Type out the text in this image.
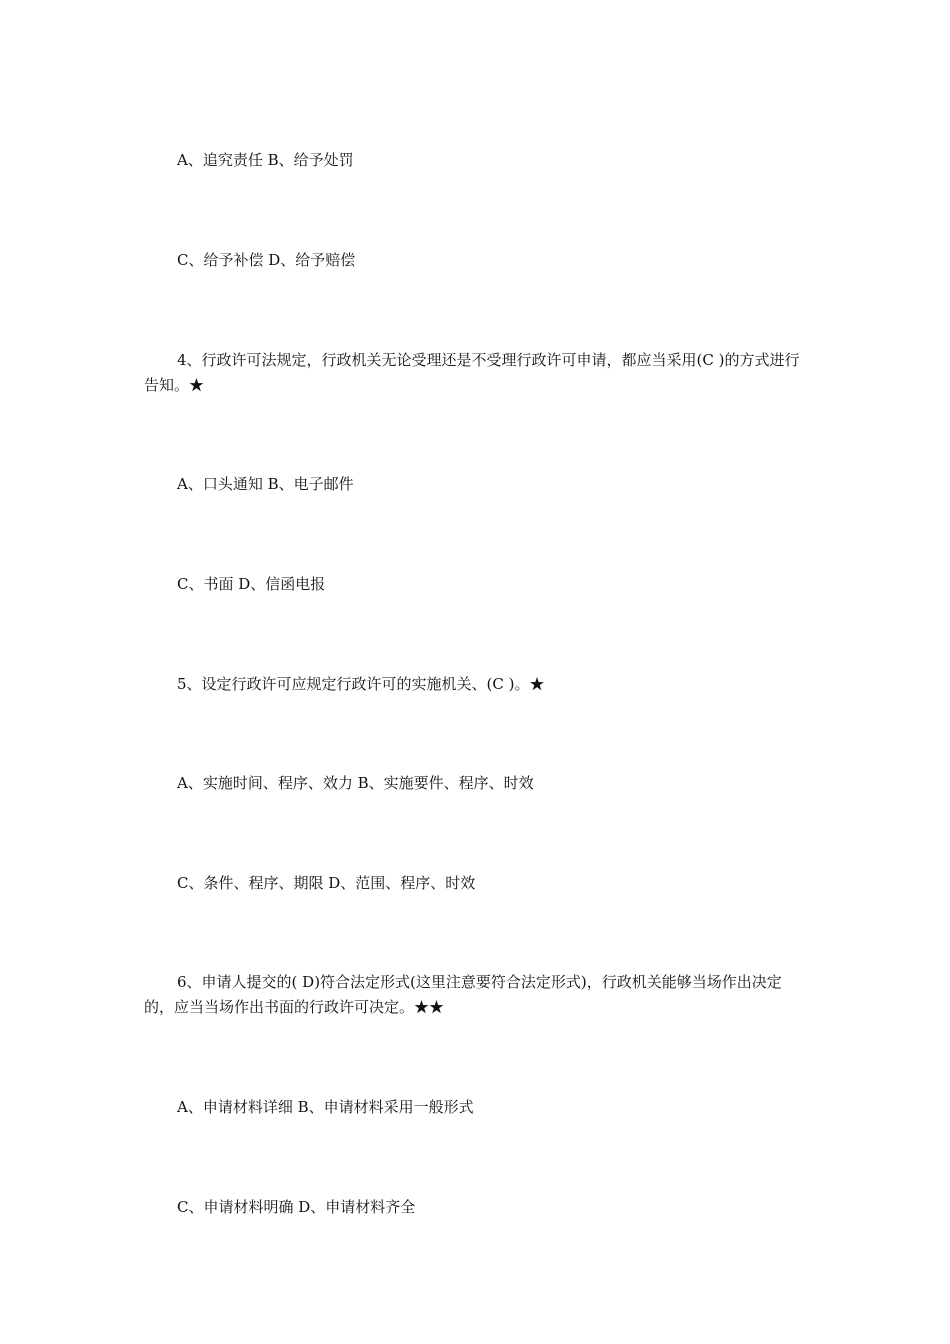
A、追究责任 B、给予处罚

C、给予补偿 D、给予赔偿

4、行政许可法规定，行政机关无论受理还是不受理行政许可申请，都应当采用(C )的方式进行告知。★

A、口头通知 B、电子邮件

C、书面 D、信函电报

5、设定行政许可应规定行政许可的实施机关、(C )。★

A、实施时间、程序、效力 B、实施要件、程序、时效

C、条件、程序、期限 D、范围、程序、时效

6、申请人提交的( D)符合法定形式(这里注意要符合法定形式)，行政机关能够当场作出决定的，应当当场作出书面的行政许可决定。★★

A、申请材料详细 B、申请材料采用一般形式

C、申请材料明确 D、申请材料齐全
